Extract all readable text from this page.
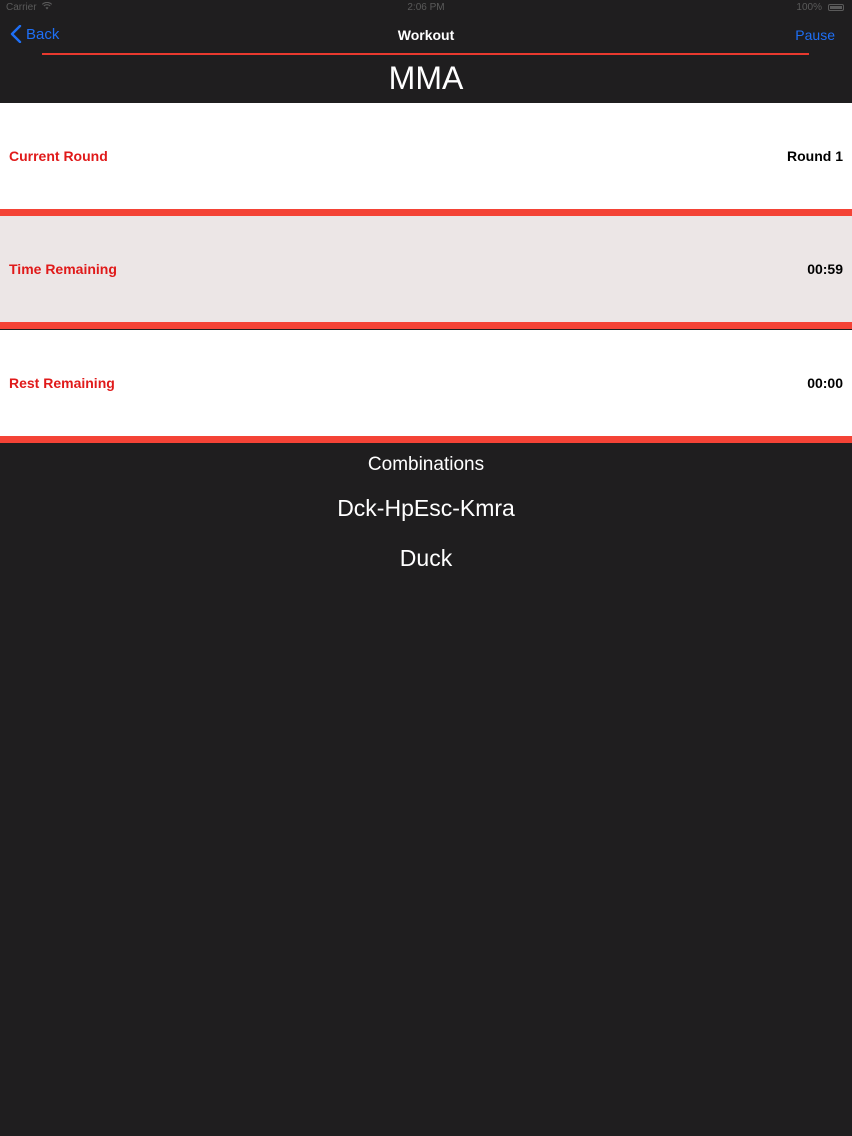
Carrier	2:06 PM	100%
Back	Workout	Pause
MMA
Current Round	Round 1
Time Remaining	00:59
Rest Remaining	00:00
Combinations
Dck-HpEsc-Kmra
Duck
